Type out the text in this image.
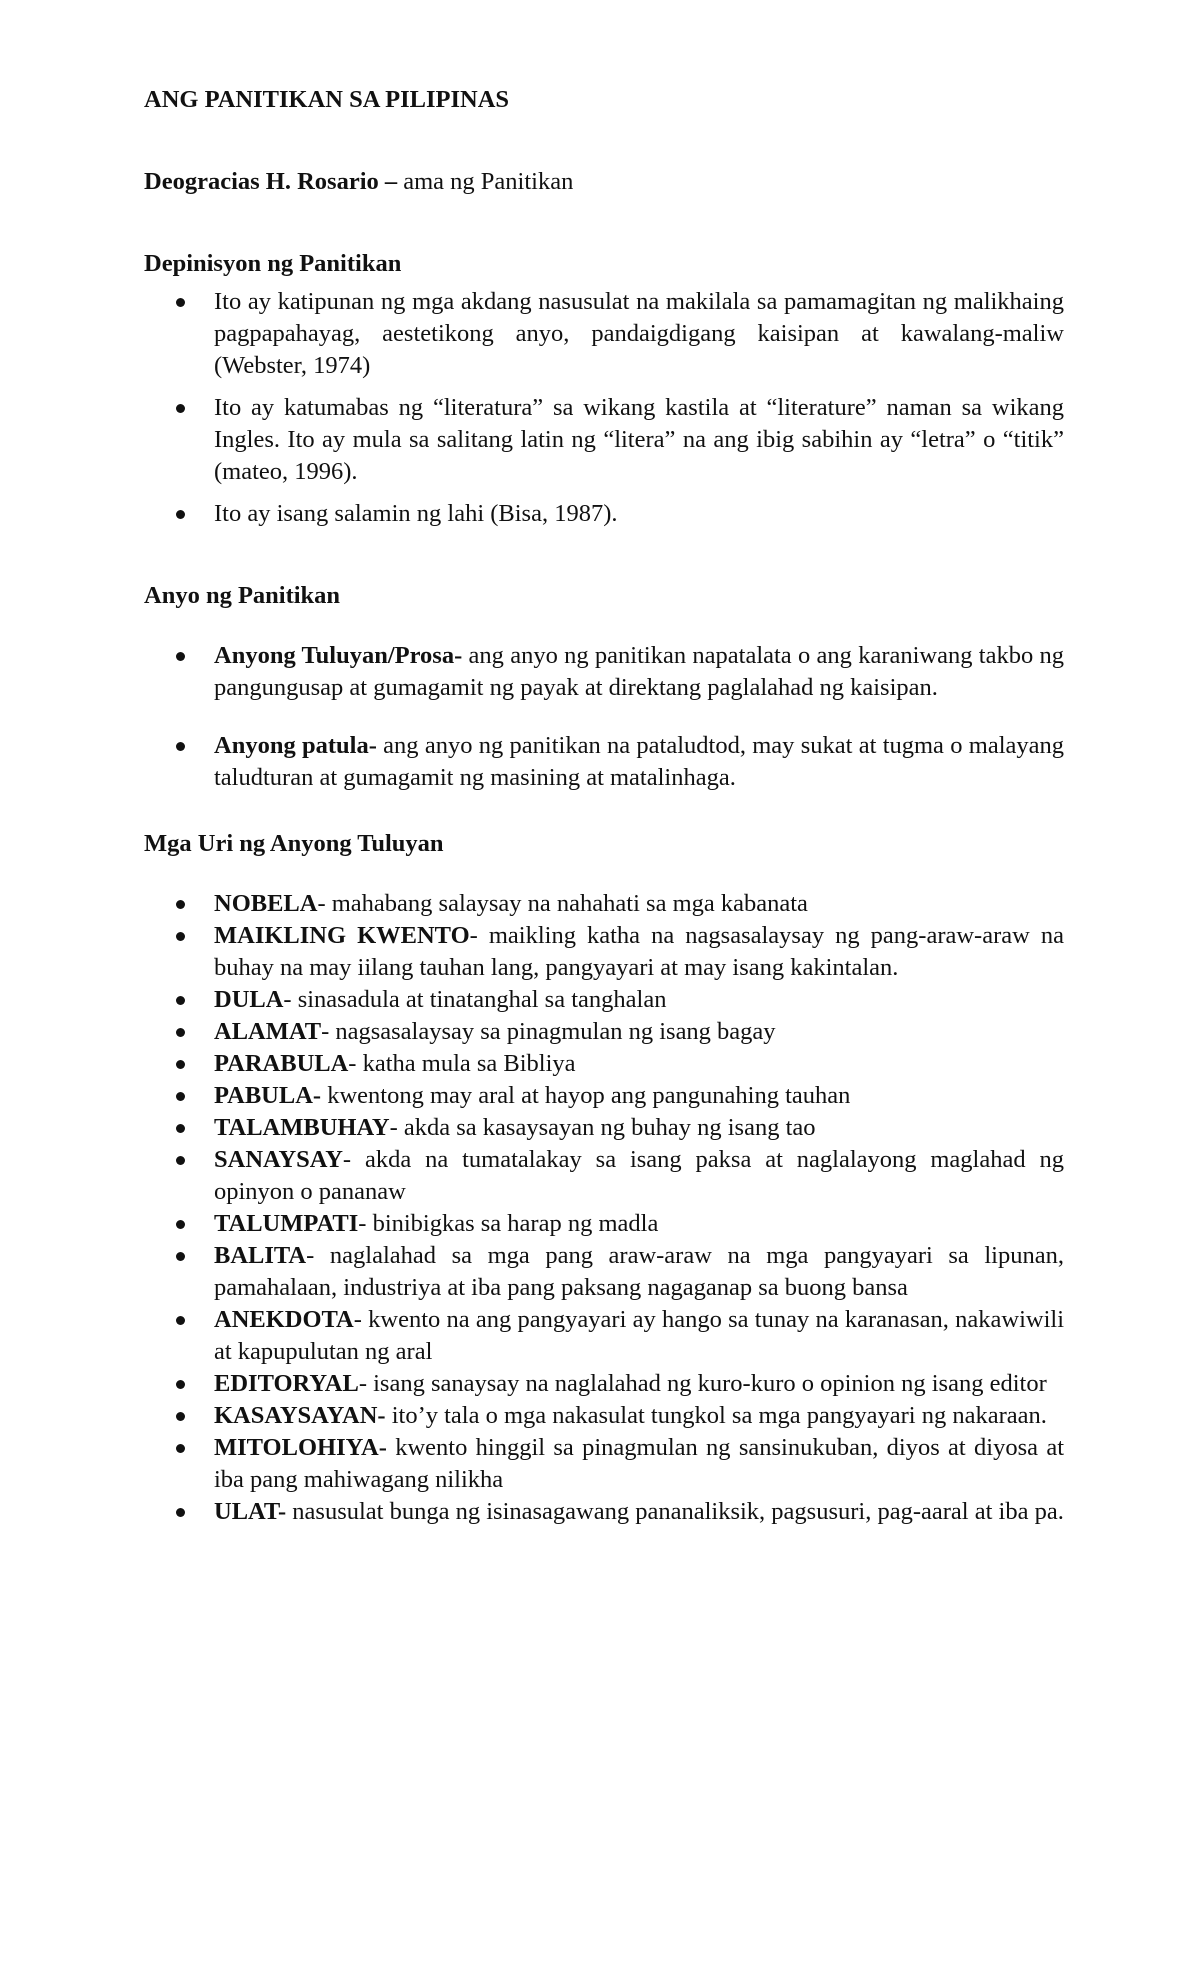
ANG PANITIKAN SA PILIPINAS
Deogracias H. Rosario – ama ng Panitikan
Depinisyon ng Panitikan
Ito ay katipunan ng mga akdang nasusulat na makilala sa pamamagitan ng malikhaing pagpapahayag, aestetikong anyo, pandaigdigang kaisipan at kawalang-maliw (Webster, 1974)
Ito ay katumabas ng “literatura” sa wikang kastila at “literature” naman sa wikang Ingles. Ito ay mula sa salitang latin ng “litera” na ang ibig sabihin ay “letra” o “titik” (mateo, 1996).
Ito ay isang salamin ng lahi (Bisa, 1987).
Anyo ng Panitikan
Anyong Tuluyan/Prosa- ang anyo ng panitikan napatalata o ang karaniwang takbo ng pangungusap at gumagamit ng payak at direktang paglalahad ng kaisipan.
Anyong patula- ang anyo ng panitikan na pataludtod, may sukat at tugma o malayang taludturan at gumagamit ng masining at matalinhaga.
Mga Uri ng Anyong Tuluyan
NOBELA- mahabang salaysay na nahahati sa mga kabanata
MAIKLING KWENTO- maikling katha na nagsasalaysay ng pang-araw-araw na buhay na may iilang tauhan lang, pangyayari at may isang kakintalan.
DULA- sinasadula at tinatanghal sa tanghalan
ALAMAT- nagsasalaysay sa pinagmulan ng isang bagay
PARABULA- katha mula sa Bibliya
PABULA- kwentong may aral at hayop ang pangunahing tauhan
TALAMBUHAY- akda sa kasaysayan ng buhay ng isang tao
SANAYSAY- akda na tumatalakay sa isang paksa at naglalayong maglahad ng opinyon o pananaw
TALUMPATI- binibigkas sa harap ng madla
BALITA- naglalahad sa mga pang araw-araw na mga pangyayari sa lipunan, pamahalaan, industriya at iba pang paksang nagaganap sa buong bansa
ANEKDOTA- kwento na ang pangyayari ay hango sa tunay na karanasan, nakawiwili at kapupulutan ng aral
EDITORYAL- isang sanaysay na naglalahad ng kuro-kuro o opinion ng isang editor
KASAYSAYAN- ito’y tala o mga nakasulat tungkol sa mga pangyayari ng nakaraan.
MITOLOHIYA- kwento hinggil sa pinagmulan ng sansinukuban, diyos at diyosa at iba pang mahiwagang nilikha
ULAT- nasusulat bunga ng isinasagawang pananaliksik, pagsusuri, pag-aaral at iba pa.
